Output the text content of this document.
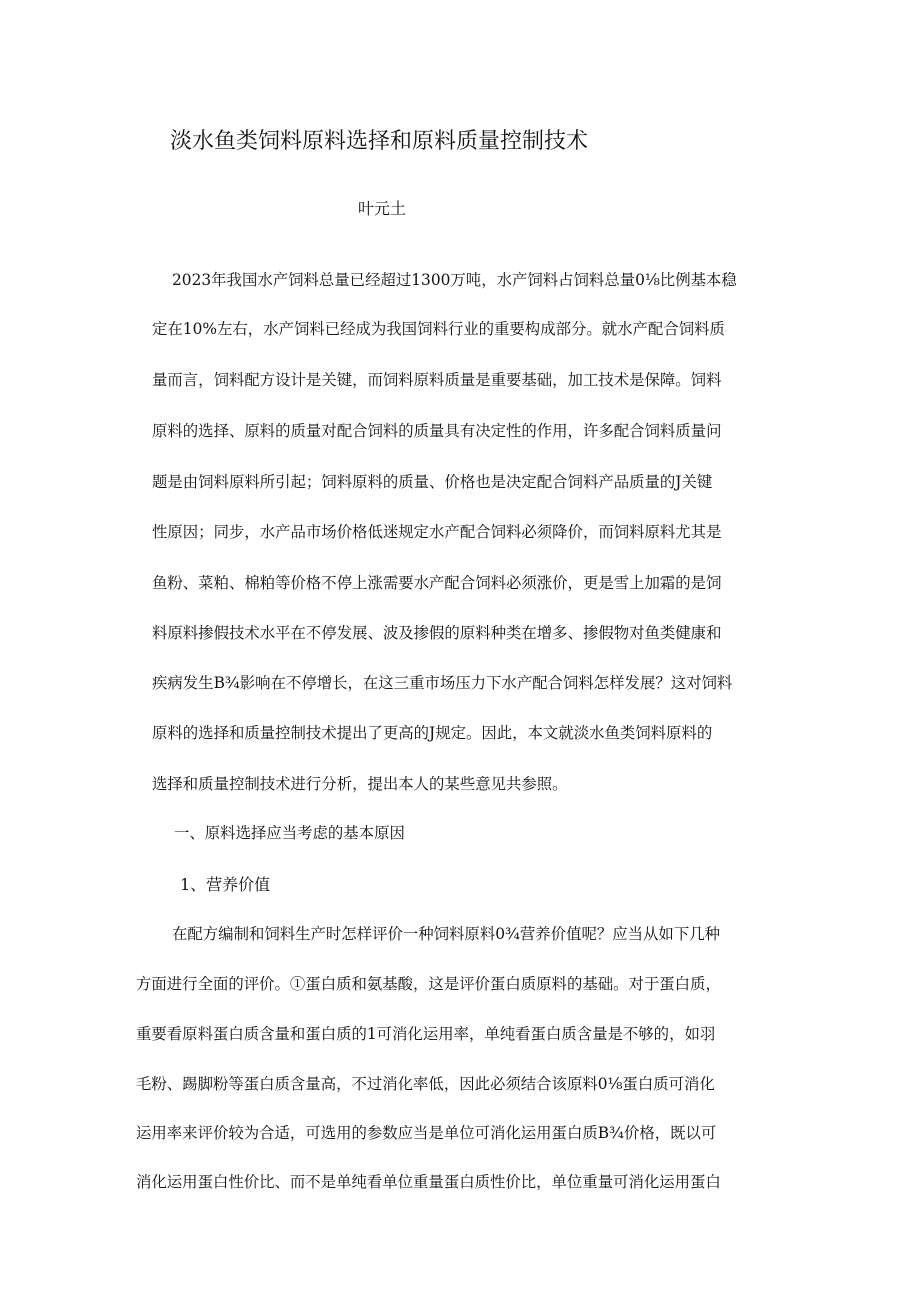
淡水鱼类饲料原料选择和原料质量控制技术
叶元土
2023年我国水产饲料总量已经超过1300万吨，水产饲料占饲料总量0⅛比例基本稳
定在10%左右，水产饲料已经成为我国饲料行业的重要构成部分。就水产配合饲料质
量而言，饲料配方设计是关键，而饲料原料质量是重要基础，加工技术是保障。饲料
原料的选择、原料的质量对配合饲料的质量具有决定性的作用，许多配合饲料质量问
题是由饲料原料所引起；饲料原料的质量、价格也是决定配合饲料产品质量的J关键
性原因；同步，水产品市场价格低迷规定水产配合饲料必须降价，而饲料原料尤其是
鱼粉、菜粕、棉粕等价格不停上涨需要水产配合饲料必须涨价，更是雪上加霜的是饲
料原料掺假技术水平在不停发展、波及掺假的原料种类在增多、掺假物对鱼类健康和
疾病发生B¾影响在不停增长，在这三重市场压力下水产配合饲料怎样发展？这对饲料
原料的选择和质量控制技术提出了更高的J规定。因此，本文就淡水鱼类饲料原料的
选择和质量控制技术进行分析，提出本人的某些意见共参照。
一、原料选择应当考虑的基本原因
1、营养价值
在配方编制和饲料生产时怎样评价一种饲料原料0¾营养价值呢？应当从如下几种
方面进行全面的评价。①蛋白质和氨基酸，这是评价蛋白质原料的基础。对于蛋白质，
重要看原料蛋白质含量和蛋白质的1可消化运用率，单纯看蛋白质含量是不够的，如羽
毛粉、踢脚粉等蛋白质含量高，不过消化率低，因此必须结合该原料0⅛蛋白质可消化
运用率来评价较为合适，可选用的参数应当是单位可消化运用蛋白质B¾价格，既以可
消化运用蛋白性价比、而不是单纯看单位重量蛋白质性价比，单位重量可消化运用蛋白
